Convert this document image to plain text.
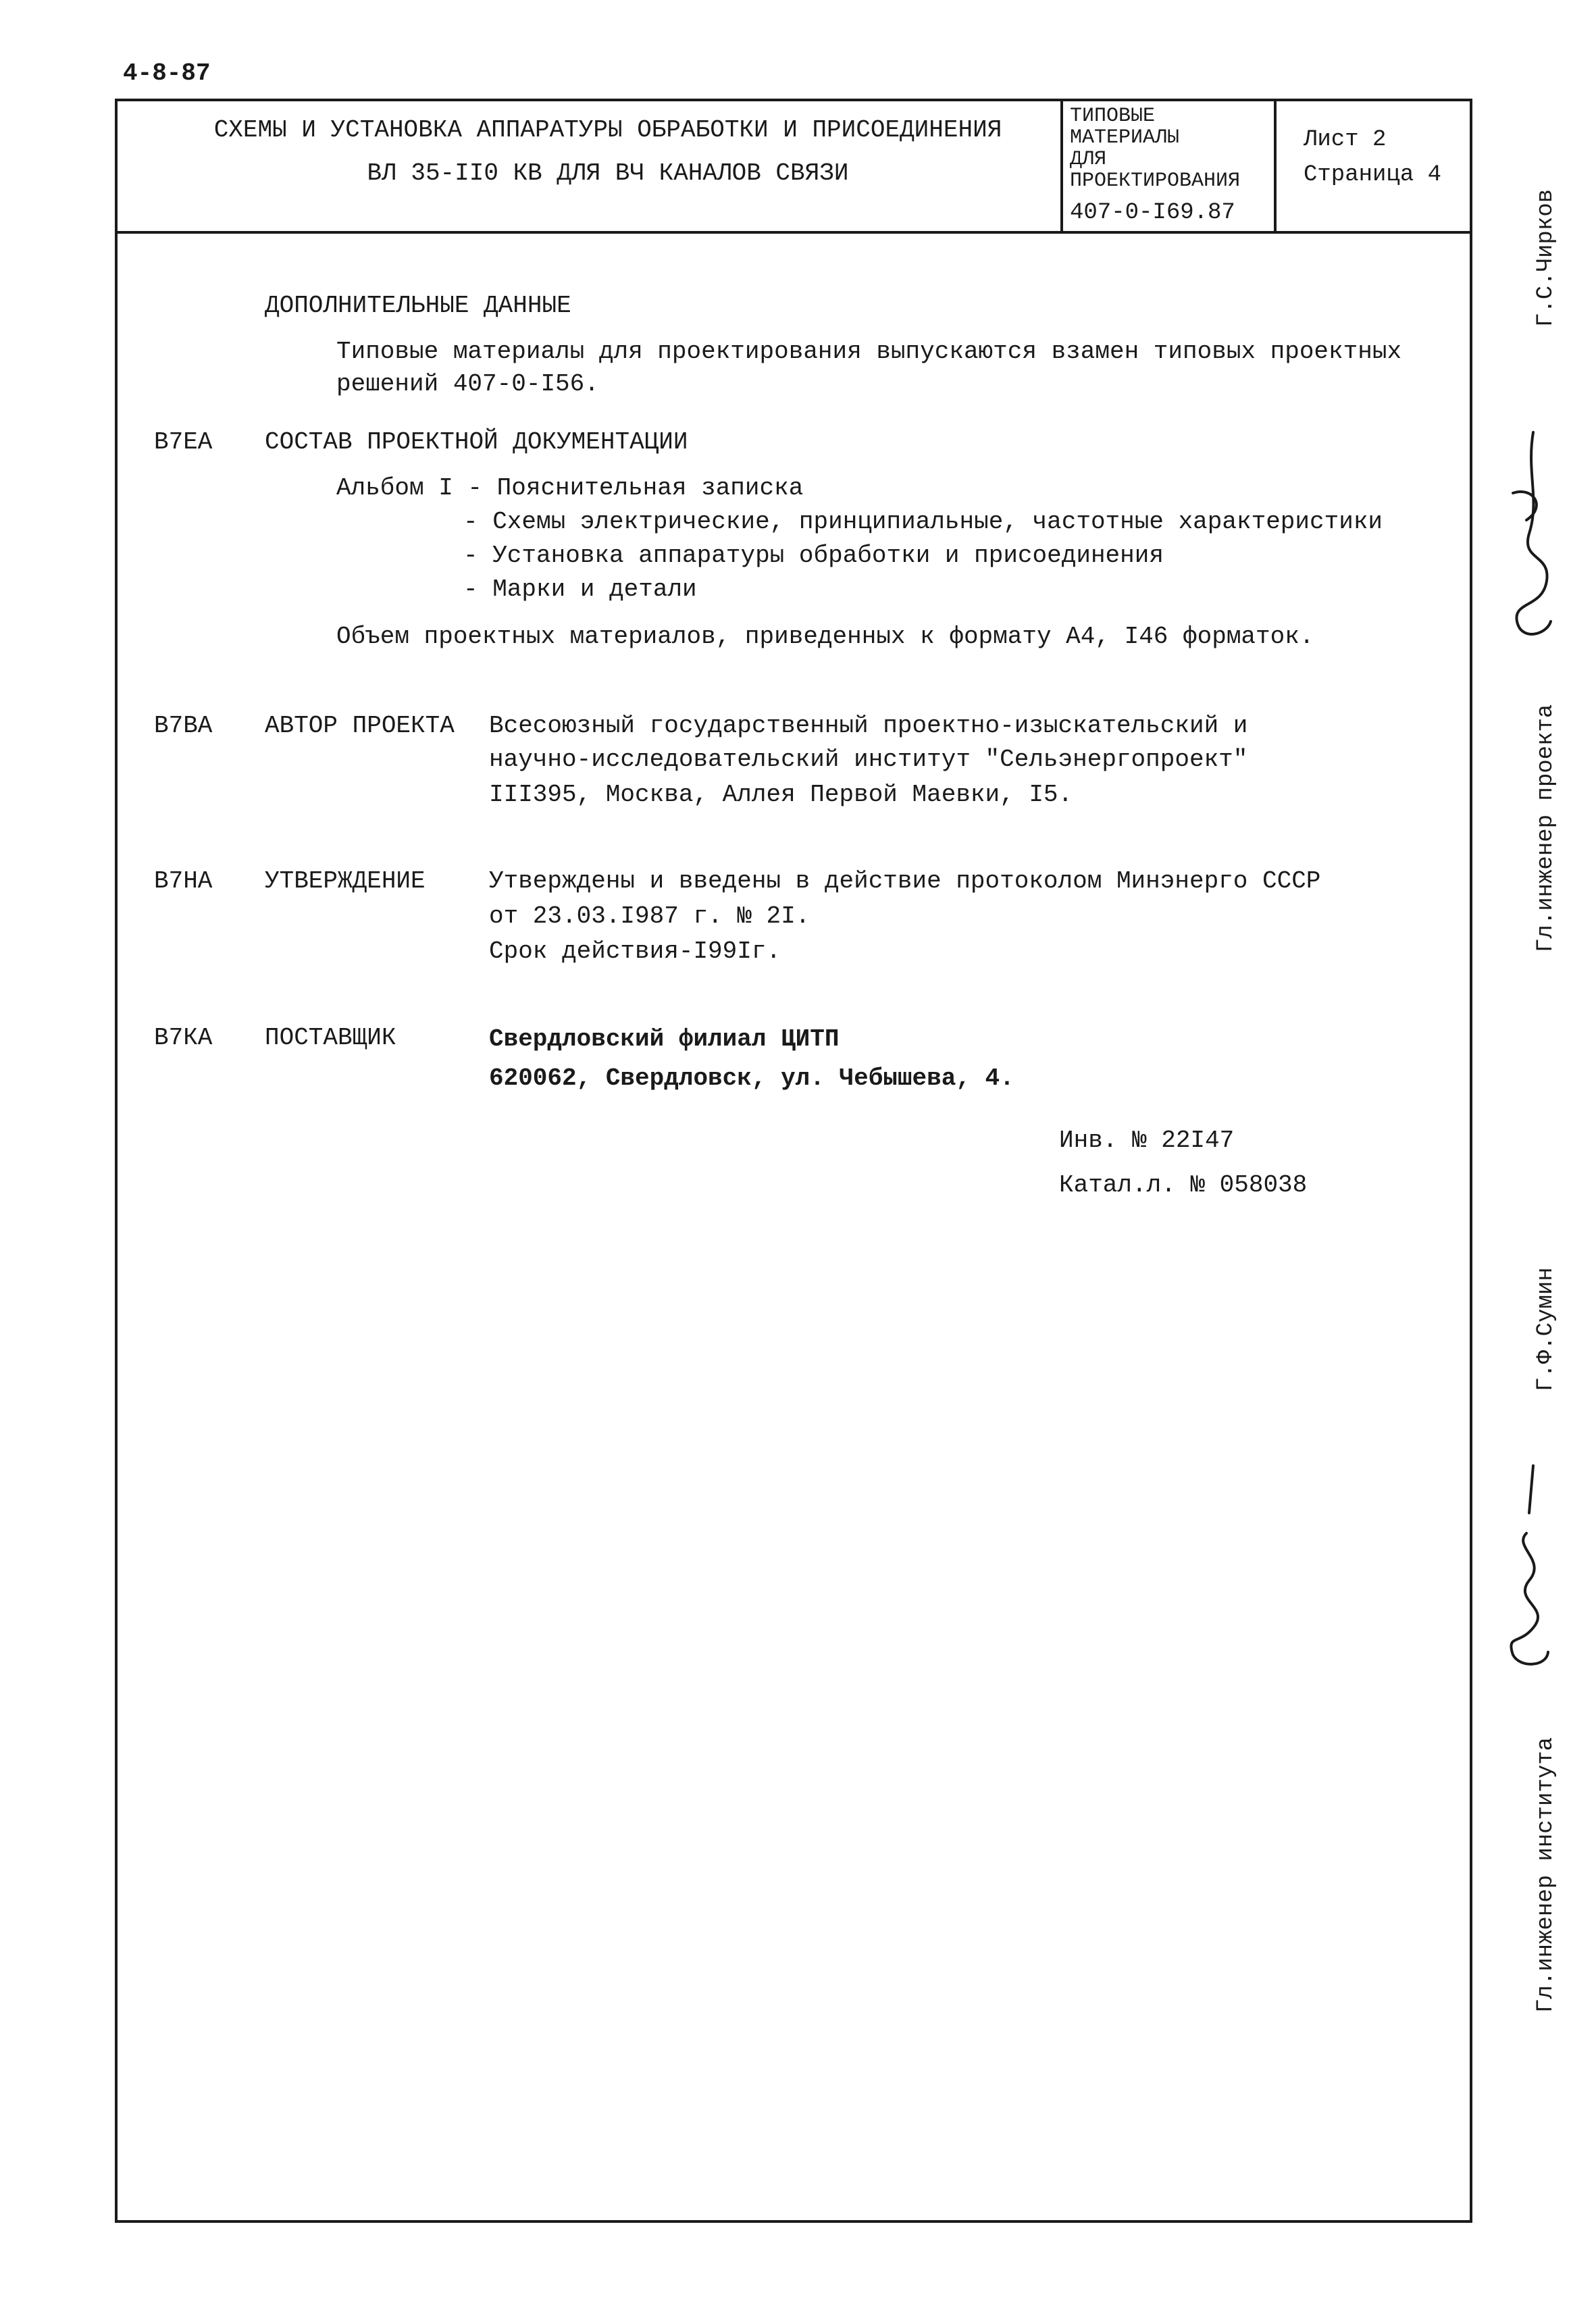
4-8-87
СХЕМЫ И УСТАНОВКА АППАРАТУРЫ ОБРАБОТКИ И ПРИСОЕДИНЕНИЯ
ВЛ 35-II0 КВ ДЛЯ ВЧ КАНАЛОВ СВЯЗИ
ТИПОВЫЕ
МАТЕРИАЛЫ
ДЛЯ
ПРОЕКТИРОВАНИЯ
407-0-I69.87
Лист 2
Страница 4
ДОПОЛНИТЕЛЬНЫЕ ДАННЫЕ
Типовые материалы для проектирования выпускаются взамен типовых проектных
решений 407-0-I56.
В7ЕА СОСТАВ ПРОЕКТНОЙ ДОКУМЕНТАЦИИ
Альбом I - Пояснительная записка
- Схемы электрические, принципиальные, частотные характеристики
- Установка аппаратуры обработки и присоединения
- Марки и детали
Объем проектных материалов, приведенных к формату А4, I46 форматок.
В7ВА АВТОР ПРОЕКТА Всесоюзный государственный проектно-изыскательский и
научно-исследовательский институт "Сельэнергопроект"
III395, Москва, Аллея Первой Маевки, I5.
В7НА УТВЕРЖДЕНИЕ	Утверждены и введены в действие протоколом Минэнерго СССР
от 23.03.I987 г. № 2I.
Срок действия-I99Iг.
В7КА ПОСТАВЩИК	Свердловский филиал ЦИТП
620062, Свердловск, ул. Чебышева, 4.
Инв. № 22I47
Катал.л. № 058038
Г.С.Чирков
Гл.инженер проекта
Г.Ф.Сумин
Гл.инженер института
